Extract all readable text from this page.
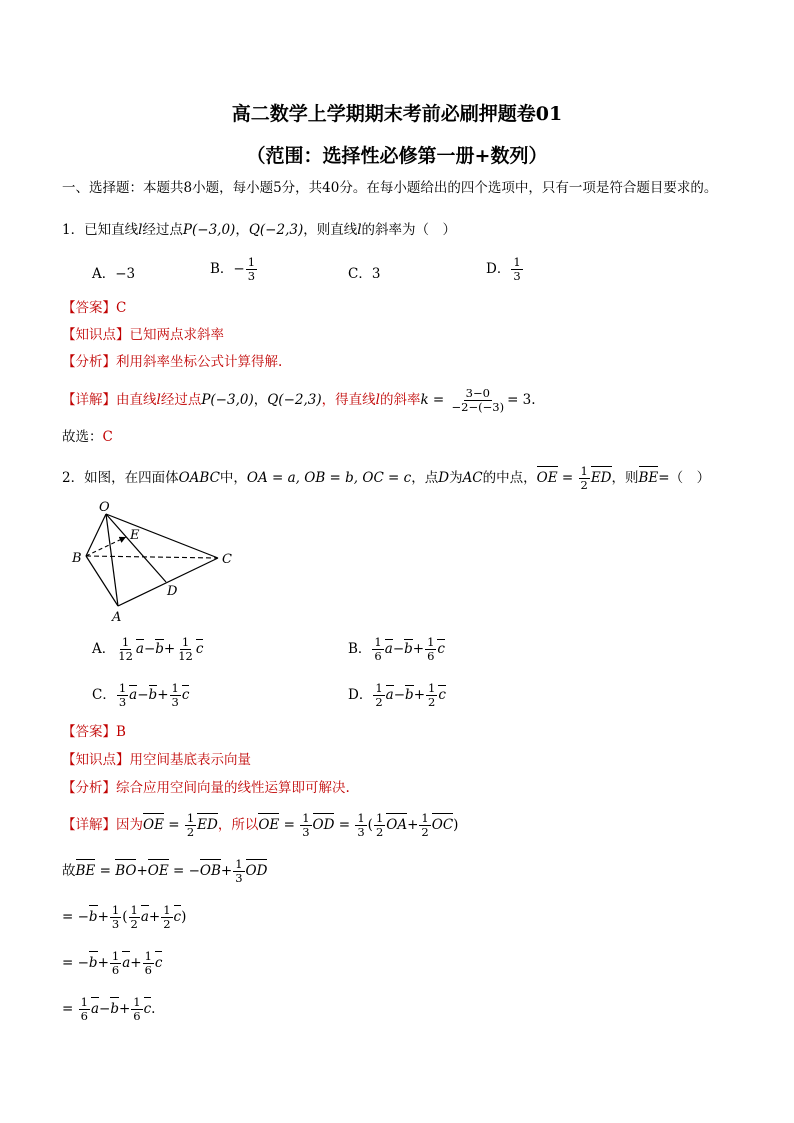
高二数学上学期期末考前必刷押题卷01
（范围：选择性必修第一册+数列）
一、选择题：本题共8小题，每小题5分，共40分。在每小题给出的四个选项中，只有一项是符合题目要求的。
1．已知直线l经过点P(−3,0)，Q(−2,3)，则直线l的斜率为（　）
A．−3	B．− $\frac{1}{3}$	C．3	D． $\frac{1}{3}$
【答案】C
【知识点】已知两点求斜率
【分析】利用斜率坐标公式计算得解.
【详解】由直线l经过点P(−3,0)，Q(−2,3)，得直线l的斜率$k = \frac{3-0}{-2-(-3)} = 3$.
故选：C
2．如图，在四面体OABC中，OA = a, OB = b, OC = c，点D为AC的中点，OE = $\frac{1}{2}$ ED，则BE=（　）
O
E
B	C
D
A
A． $\frac{1}{12} a-b+ \frac{1}{12}$ c	B． $\frac{1}{6} a-b+ \frac{1}{6}$ c
C． $\frac{1}{3} a-b+ \frac{1}{3}$ c	D． $\frac{1}{2} a-b+ \frac{1}{2}$ c
【答案】B
【知识点】用空间基底表示向量
【分析】综合应用空间向量的线性运算即可解决.
【详解】因为OE = $\frac{1}{2}$ ED，所以OE = $\frac{1}{3}$ OD = $\frac{1}{3}$ ( $\frac{1}{2} OA+ \frac{1}{2} OC$)
故BE = $BO+OE = -OB+ \frac{1}{3}$ OD
= $-b+ \frac{1}{3}$ ( $\frac{1}{2} a+ \frac{1}{2} c$)
= $-b+ \frac{1}{6} a+ \frac{1}{6}$ c
= $\frac{1}{6} a-b+ \frac{1}{6} c$.
